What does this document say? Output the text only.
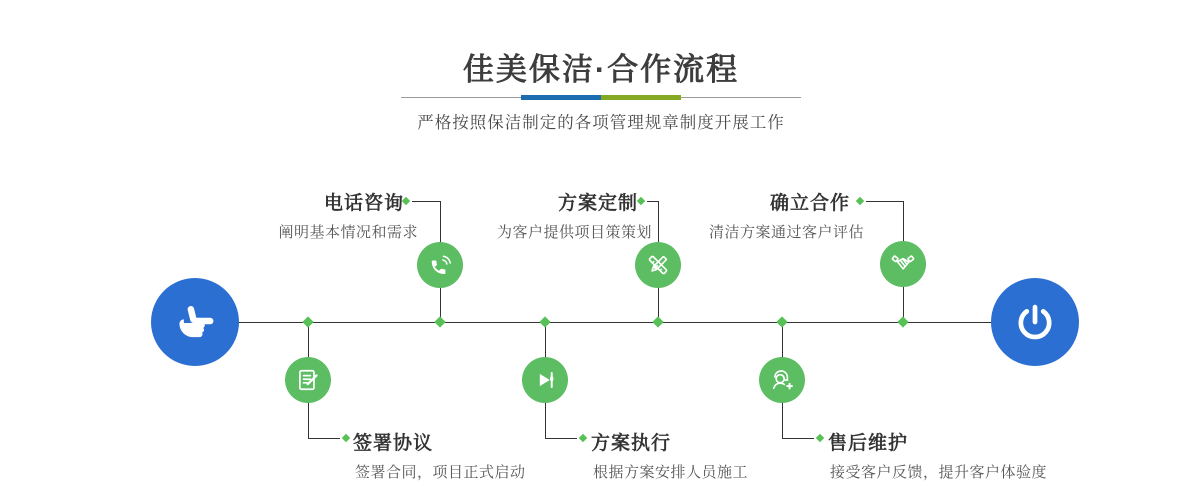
佳美保洁·合作流程

严格按照保洁制定的各项管理规章制度开展工作

签署协议
签署合同，项目正式启动
电话咨询
阐明基本情况和需求
方案执行
根据方案安排人员施工
方案定制
为客户提供项目策策划
售后维护
接受客户反馈，提升客户体验度
确立合作
清洁方案通过客户评估
